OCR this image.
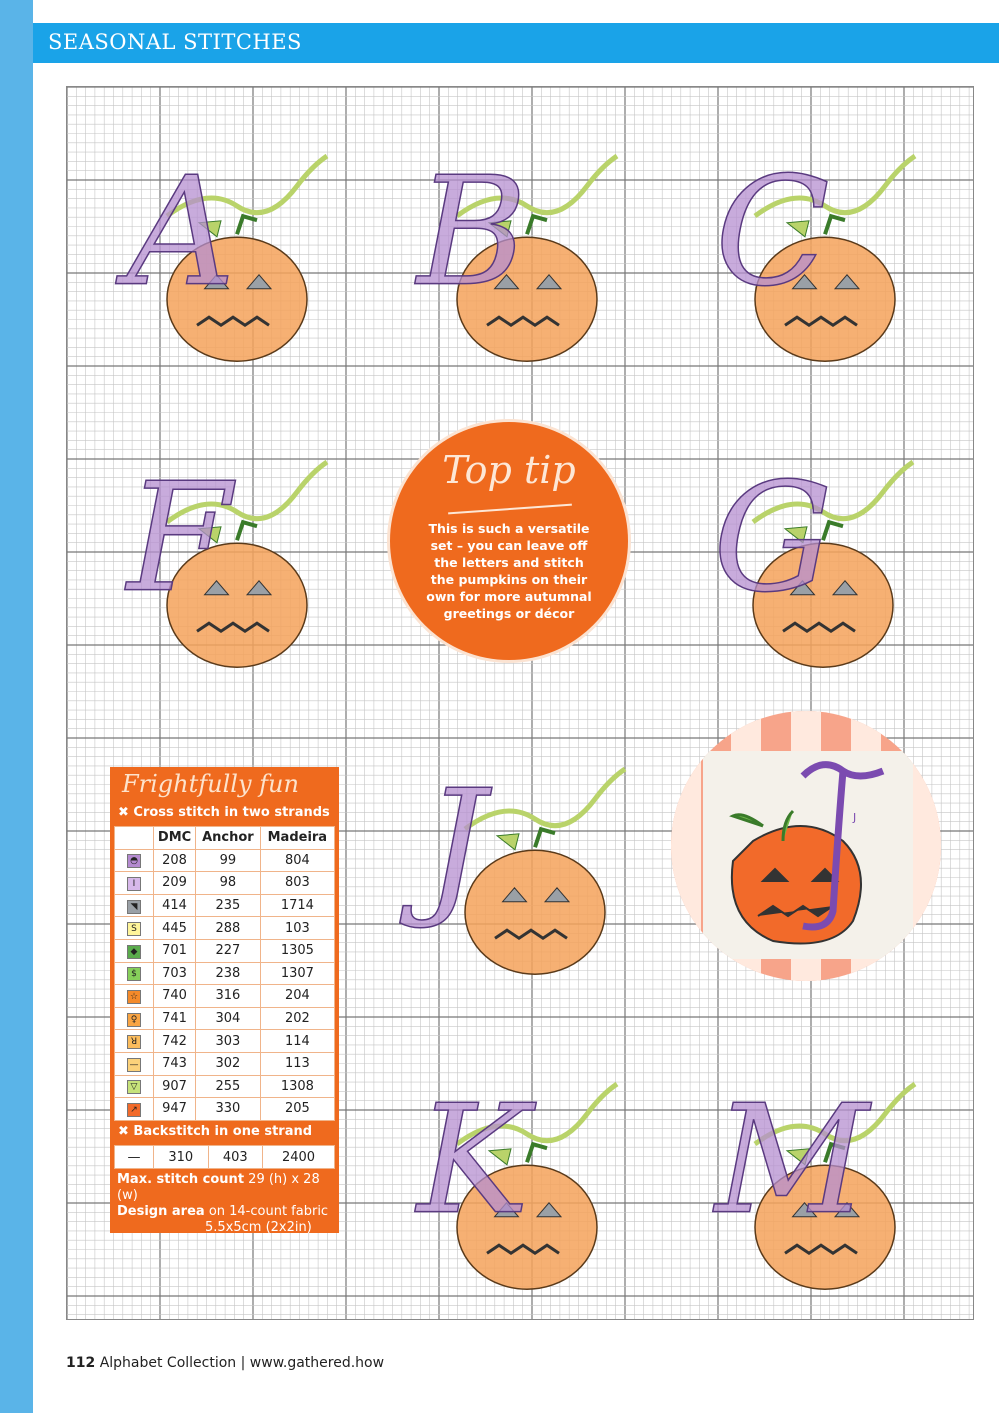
SEASONAL STITCHES
A B C
F	G
J
K M
Top tip
This is such a versatile set – you can leave off the letters and stitch the pumpkins on their own for more autumnal greetings or décor
Frightfully fun
✖ Cross stitch in two strands
	DMC	Anchor	Madeira
◓	208	99	804
I	209	98	803
◥	414	235	1714
S	445	288	103
◆	701	227	1305
$	703	238	1307
☆	740	316	204
♀	741	304	202
ꓤ	742	303	114
—	743	302	113
▽	907	255	1308
↗	947	330	205
✖ Backstitch in one strand
—	310	403	2400
Max. stitch count 29 (h) x 28 (w)
Design area on 14-count fabric
5.5x5cm (2x2in)
J
112 Alphabet Collection | www.gathered.how
